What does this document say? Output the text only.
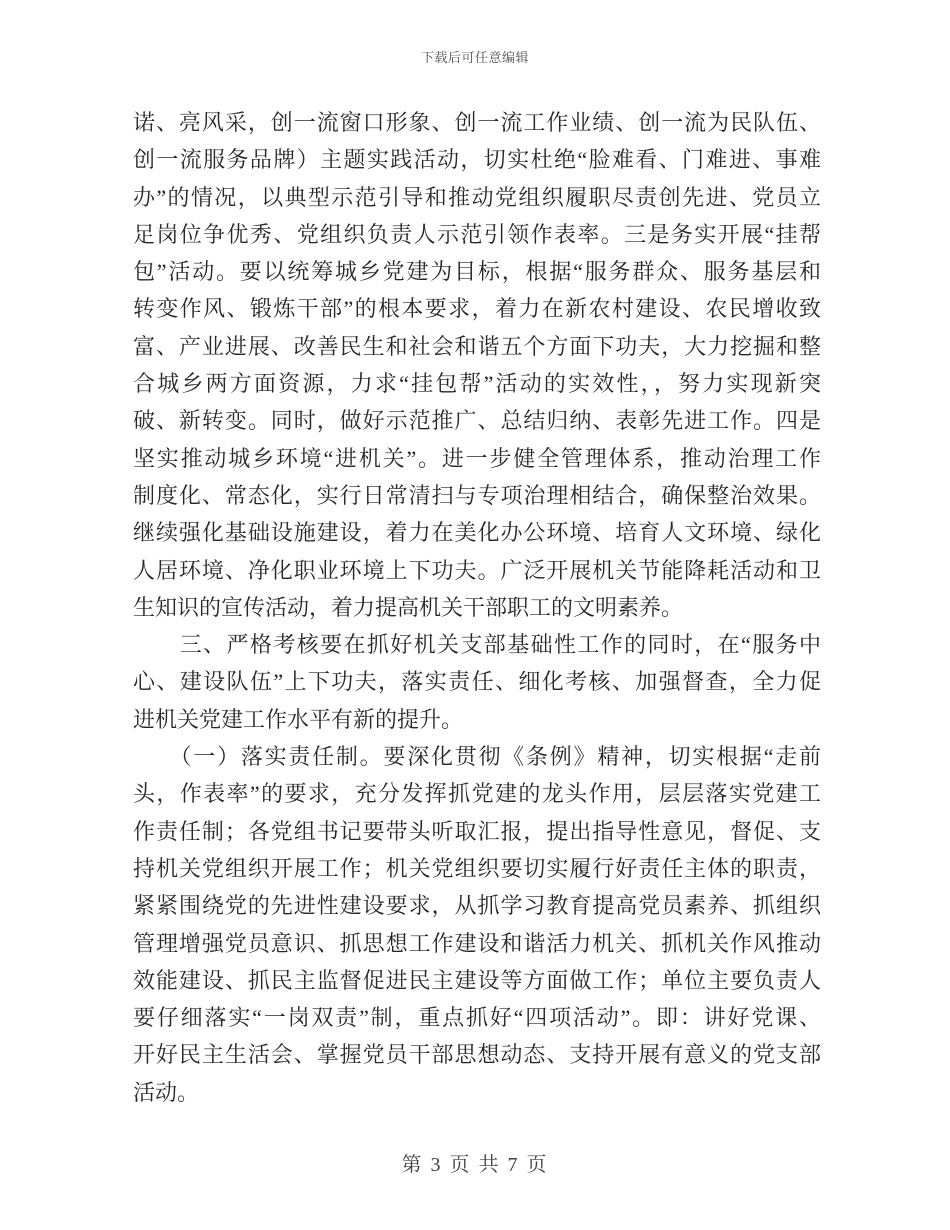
下载后可任意编辑
诺、亮风采，创一流窗口形象、创一流工作业绩、创一流为民队伍、
创一流服务品牌）主题实践活动，切实杜绝“脸难看、门难进、事难
办”的情况，以典型示范引导和推动党组织履职尽责创先进、党员立
足岗位争优秀、党组织负责人示范引领作表率。三是务实开展“挂帮
包”活动。要以统筹城乡党建为目标，根据“服务群众、服务基层和
转变作风、锻炼干部”的根本要求，着力在新农村建设、农民增收致
富、产业进展、改善民生和社会和谐五个方面下功夫，大力挖掘和整
合城乡两方面资源，力求“挂包帮”活动的实效性，，努力实现新突
破、新转变。同时，做好示范推广、总结归纳、表彰先进工作。四是
坚实推动城乡环境“进机关”。进一步健全管理体系，推动治理工作
制度化、常态化，实行日常清扫与专项治理相结合，确保整治效果。
继续强化基础设施建设，着力在美化办公环境、培育人文环境、绿化
人居环境、净化职业环境上下功夫。广泛开展机关节能降耗活动和卫
生知识的宣传活动，着力提高机关干部职工的文明素养。
　　三、严格考核要在抓好机关支部基础性工作的同时，在“服务中
心、建设队伍”上下功夫，落实责任、细化考核、加强督查，全力促
进机关党建工作水平有新的提升。
　　（一）落实责任制。要深化贯彻《条例》精神，切实根据“走前
头，作表率”的要求，充分发挥抓党建的龙头作用，层层落实党建工
作责任制；各党组书记要带头听取汇报，提出指导性意见，督促、支
持机关党组织开展工作；机关党组织要切实履行好责任主体的职责，
紧紧围绕党的先进性建设要求，从抓学习教育提高党员素养、抓组织
管理增强党员意识、抓思想工作建设和谐活力机关、抓机关作风推动
效能建设、抓民主监督促进民主建设等方面做工作；单位主要负责人
要仔细落实“一岗双责”制，重点抓好“四项活动”。即：讲好党课、
开好民主生活会、掌握党员干部思想动态、支持开展有意义的党支部
活动。
第 3 页 共 7 页
